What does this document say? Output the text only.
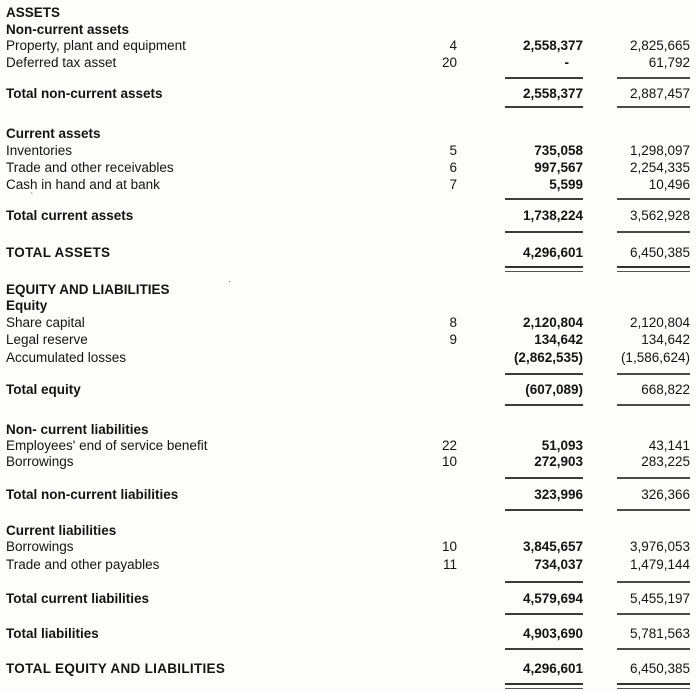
ASSETS
Non-current assets
Property, plant and equipment	4	2,558,377	2,825,665
Deferred tax asset	20	-	61,792
Total non-current assets	2,558,377	2,887,457
Current assets
Inventories	5	735,058	1,298,097
Trade and other receivables	6	997,567	2,254,335
Cash in hand and at bank	7	5,599	10,496
Total current assets	1,738,224	3,562,928
TOTAL ASSETS	4,296,601	6,450,385
EQUITY AND LIABILITIES
Equity
Share capital	8	2,120,804	2,120,804
Legal reserve	9	134,642	134,642
Accumulated losses	(2,862,535)	(1,586,624)
Total equity	(607,089)	668,822
Non- current liabilities
Employees' end of service benefit	22	51,093	43,141
Borrowings	10	272,903	283,225
Total non-current liabilities	323,996	326,366
Current liabilities
Borrowings	10	3,845,657	3,976,053
Trade and other payables	11	734,037	1,479,144
Total current liabilities	4,579,694	5,455,197
Total liabilities	4,903,690	5,781,563
TOTAL EQUITY AND LIABILITIES	4,296,601	6,450,385
`
·
